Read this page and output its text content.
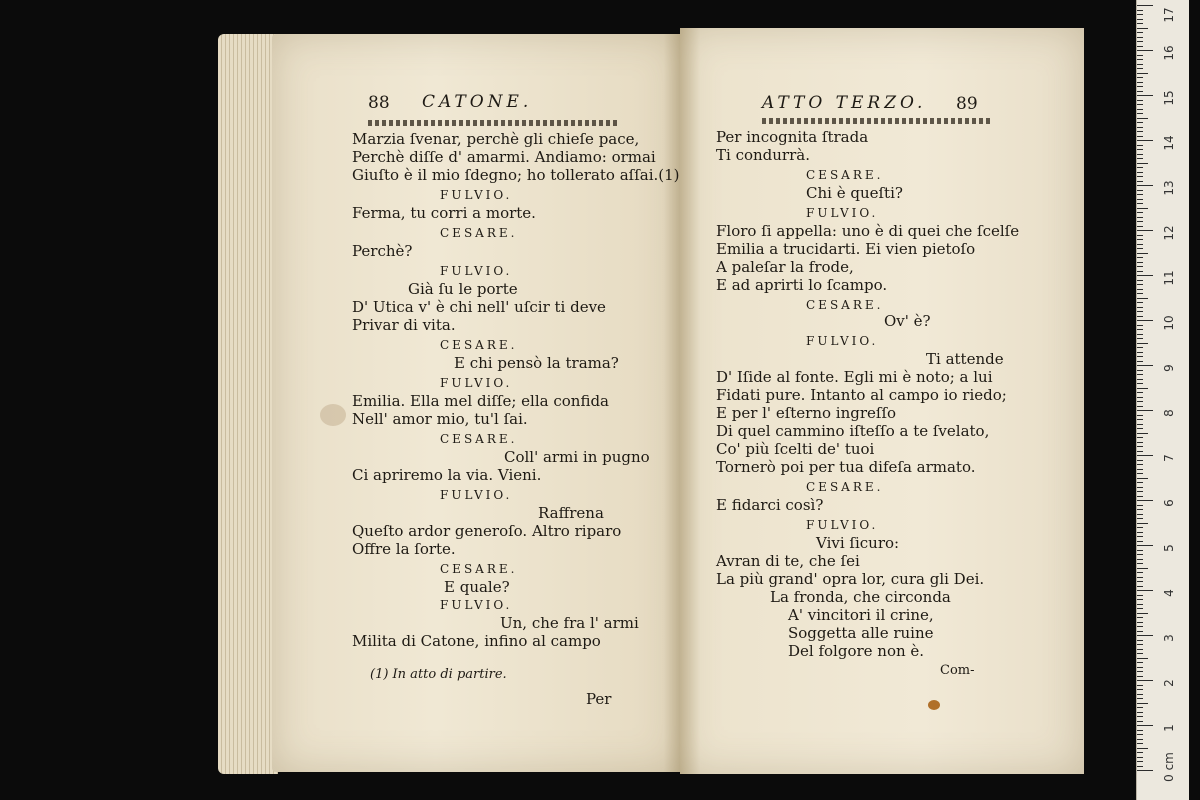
88 CATONE.
Marzia ſvenar, perchè gli chieſe pace,
Perchè diſſe d' amarmi. Andiamo: ormai
Giuſto è il mio ſdegno; ho tollerato aſſai.(1)
FULVIO.
Ferma, tu corri a morte.
CESARE.
Perchè?
FULVIO.
Già ſu le porte
D' Utica v' è chi nell' uſcir ti deve
Privar di vita.
CESARE.
E chi pensò la trama?
FULVIO.
Emilia. Ella mel diſſe; ella confida
Nell' amor mio, tu'l ſai.
CESARE.
Coll' armi in pugno
Ci apriremo la via. Vieni.
FULVIO.
Raffrena
Queſto ardor generoſo. Altro riparo
Offre la ſorte.
CESARE.
E quale?
FULVIO.
Un, che fra l' armi
Milita di Catone, infino al campo
(1) In atto di partire.
Per
ATTO TERZO. 89
Per incognita ſtrada
Ti condurrà.
CESARE.
Chi è queſti?
FULVIO.
Floro ſi appella: uno è di quei che ſcelſe
Emilia a trucidarti. Ei vien pietoſo
A paleſar la frode,
E ad aprirti lo ſcampo.
CESARE.
Ov' è?
FULVIO.
Ti attende
D' Iſide al fonte. Egli mi è noto; a lui
Fidati pure. Intanto al campo io riedo;
E per l' eſterno ingreſſo
Di quel cammino iſteſſo a te ſvelato,
Co' più ſcelti de' tuoi
Tornerò poi per tua difeſa armato.
CESARE.
E fidarci così?
FULVIO.
Vivi ſicuro:
Avran di te, che ſei
La più grand' opra lor, cura gli Dei.
La fronda, che circonda
A' vincitori il crine,
Soggetta alle ruine
Del folgore non è.
Com-
0 cm
1
2
3
4
5
6
7
8
9
10
11
12
13
14
15
16
17
